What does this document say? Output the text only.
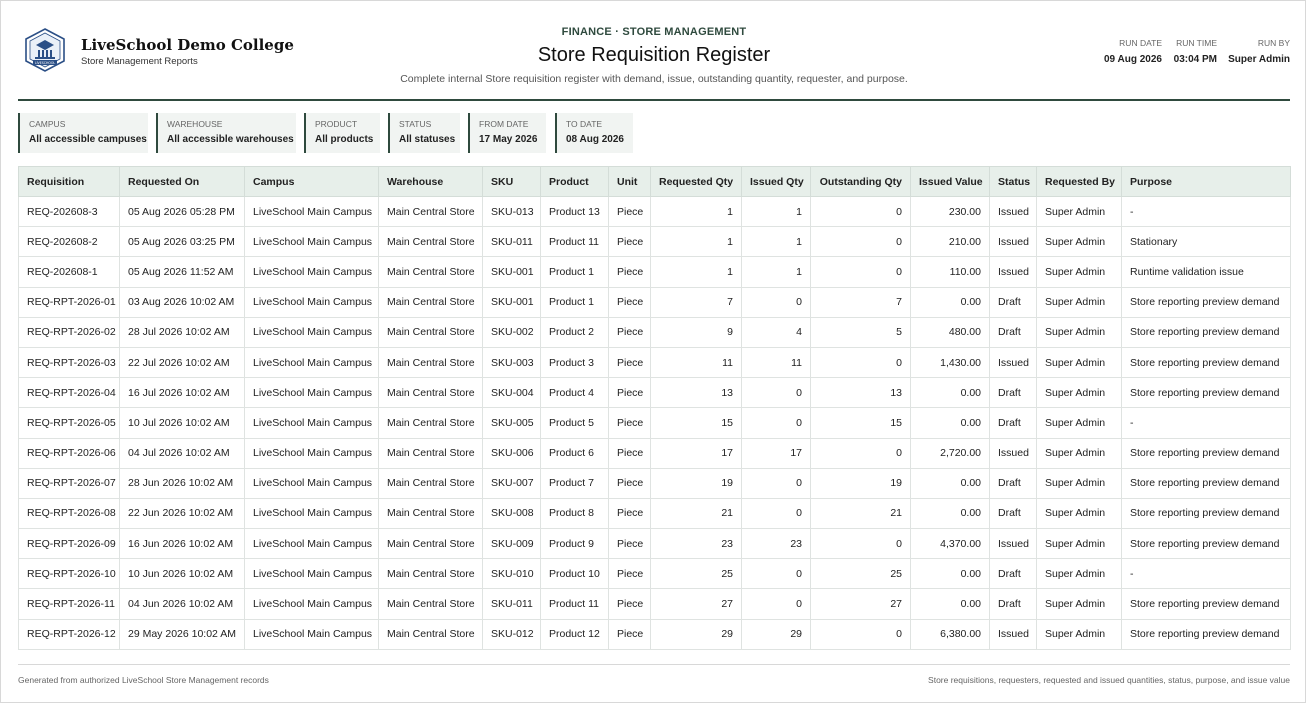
LIVESCHOOL
LiveSchool Demo College
Store Management Reports
FINANCE · STORE MANAGEMENT
Store Requisition Register
Complete internal Store requisition register with demand, issue, outstanding quantity, requester, and purpose.
RUN DATE
09 Aug 2026
RUN TIME
03:04 PM
RUN BY
Super Admin
CAMPUS
All accessible campuses
WAREHOUSE
All accessible warehouses
PRODUCT
All products
STATUS
All statuses
FROM DATE
17 May 2026
TO DATE
08 Aug 2026
Requisition	Requested On	Campus	Warehouse	SKU	Product	Unit	Requested Qty	Issued Qty	Outstanding Qty	Issued Value	Status	Requested By	Purpose
REQ-202608-3	05 Aug 2026 05:28 PM	LiveSchool Main Campus	Main Central Store	SKU-013	Product 13	Piece	1	1	0	230.00	Issued	Super Admin	-
REQ-202608-2	05 Aug 2026 03:25 PM	LiveSchool Main Campus	Main Central Store	SKU-011	Product 11	Piece	1	1	0	210.00	Issued	Super Admin	Stationary
REQ-202608-1	05 Aug 2026 11:52 AM	LiveSchool Main Campus	Main Central Store	SKU-001	Product 1	Piece	1	1	0	110.00	Issued	Super Admin	Runtime validation issue
REQ-RPT-2026-01	03 Aug 2026 10:02 AM	LiveSchool Main Campus	Main Central Store	SKU-001	Product 1	Piece	7	0	7	0.00	Draft	Super Admin	Store reporting preview demand
REQ-RPT-2026-02	28 Jul 2026 10:02 AM	LiveSchool Main Campus	Main Central Store	SKU-002	Product 2	Piece	9	4	5	480.00	Draft	Super Admin	Store reporting preview demand
REQ-RPT-2026-03	22 Jul 2026 10:02 AM	LiveSchool Main Campus	Main Central Store	SKU-003	Product 3	Piece	11	11	0	1,430.00	Issued	Super Admin	Store reporting preview demand
REQ-RPT-2026-04	16 Jul 2026 10:02 AM	LiveSchool Main Campus	Main Central Store	SKU-004	Product 4	Piece	13	0	13	0.00	Draft	Super Admin	Store reporting preview demand
REQ-RPT-2026-05	10 Jul 2026 10:02 AM	LiveSchool Main Campus	Main Central Store	SKU-005	Product 5	Piece	15	0	15	0.00	Draft	Super Admin	-
REQ-RPT-2026-06	04 Jul 2026 10:02 AM	LiveSchool Main Campus	Main Central Store	SKU-006	Product 6	Piece	17	17	0	2,720.00	Issued	Super Admin	Store reporting preview demand
REQ-RPT-2026-07	28 Jun 2026 10:02 AM	LiveSchool Main Campus	Main Central Store	SKU-007	Product 7	Piece	19	0	19	0.00	Draft	Super Admin	Store reporting preview demand
REQ-RPT-2026-08	22 Jun 2026 10:02 AM	LiveSchool Main Campus	Main Central Store	SKU-008	Product 8	Piece	21	0	21	0.00	Draft	Super Admin	Store reporting preview demand
REQ-RPT-2026-09	16 Jun 2026 10:02 AM	LiveSchool Main Campus	Main Central Store	SKU-009	Product 9	Piece	23	23	0	4,370.00	Issued	Super Admin	Store reporting preview demand
REQ-RPT-2026-10	10 Jun 2026 10:02 AM	LiveSchool Main Campus	Main Central Store	SKU-010	Product 10	Piece	25	0	25	0.00	Draft	Super Admin	-
REQ-RPT-2026-11	04 Jun 2026 10:02 AM	LiveSchool Main Campus	Main Central Store	SKU-011	Product 11	Piece	27	0	27	0.00	Draft	Super Admin	Store reporting preview demand
REQ-RPT-2026-12	29 May 2026 10:02 AM	LiveSchool Main Campus	Main Central Store	SKU-012	Product 12	Piece	29	29	0	6,380.00	Issued	Super Admin	Store reporting preview demand
Generated from authorized LiveSchool Store Management records	Store requisitions, requesters, requested and issued quantities, status, purpose, and issue value
